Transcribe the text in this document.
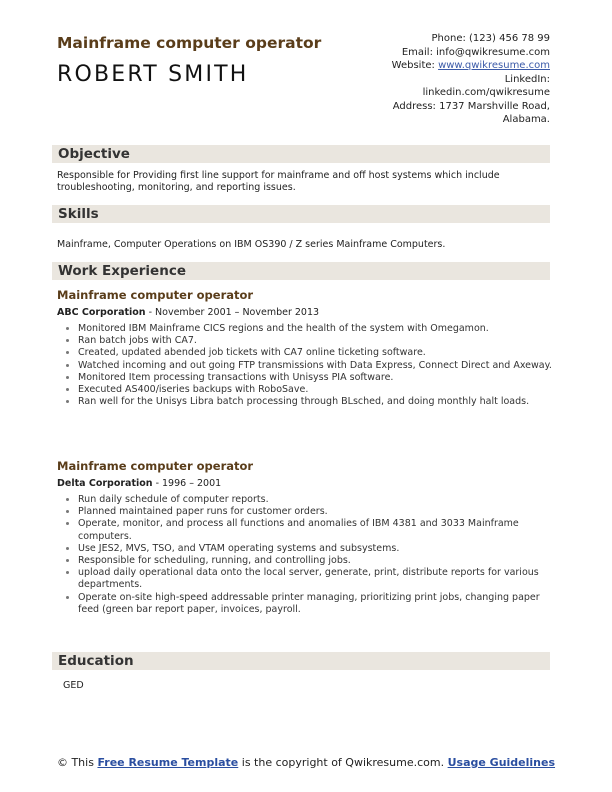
Mainframe computer operator
ROBERT SMITH
Phone: (123) 456 78 99
Email: info@qwikresume.com
Website: www.qwikresume.com
LinkedIn:
linkedin.com/qwikresume
Address: 1737 Marshville Road,
Alabama.
Objective
Responsible for Providing first line support for mainframe and off host systems which include troubleshooting, monitoring, and reporting issues.
Skills
Mainframe, Computer Operations on IBM OS390 / Z series Mainframe Computers.
Work Experience
Mainframe computer operator
ABC Corporation - November 2001 – November 2013
• Monitored IBM Mainframe CICS regions and the health of the system with Omegamon.
• Ran batch jobs with CA7.
• Created, updated abended job tickets with CA7 online ticketing software.
• Watched incoming and out going FTP transmissions with Data Express, Connect Direct and Axeway.
• Monitored Item processing transactions with Unisyss PIA software.
• Executed AS400/iseries backups with RoboSave.
• Ran well for the Unisys Libra batch processing through BLsched, and doing monthly halt loads.
Mainframe computer operator
Delta Corporation - 1996 – 2001
• Run daily schedule of computer reports.
• Planned maintained paper runs for customer orders.
• Operate, monitor, and process all functions and anomalies of IBM 4381 and 3033 Mainframe computers.
• Use JES2, MVS, TSO, and VTAM operating systems and subsystems.
• Responsible for scheduling, running, and controlling jobs.
• upload daily operational data onto the local server, generate, print, distribute reports for various departments.
• Operate on-site high-speed addressable printer managing, prioritizing print jobs, changing paper feed (green bar report paper, invoices, payroll.
Education
GED
© This Free Resume Template is the copyright of Qwikresume.com. Usage Guidelines
